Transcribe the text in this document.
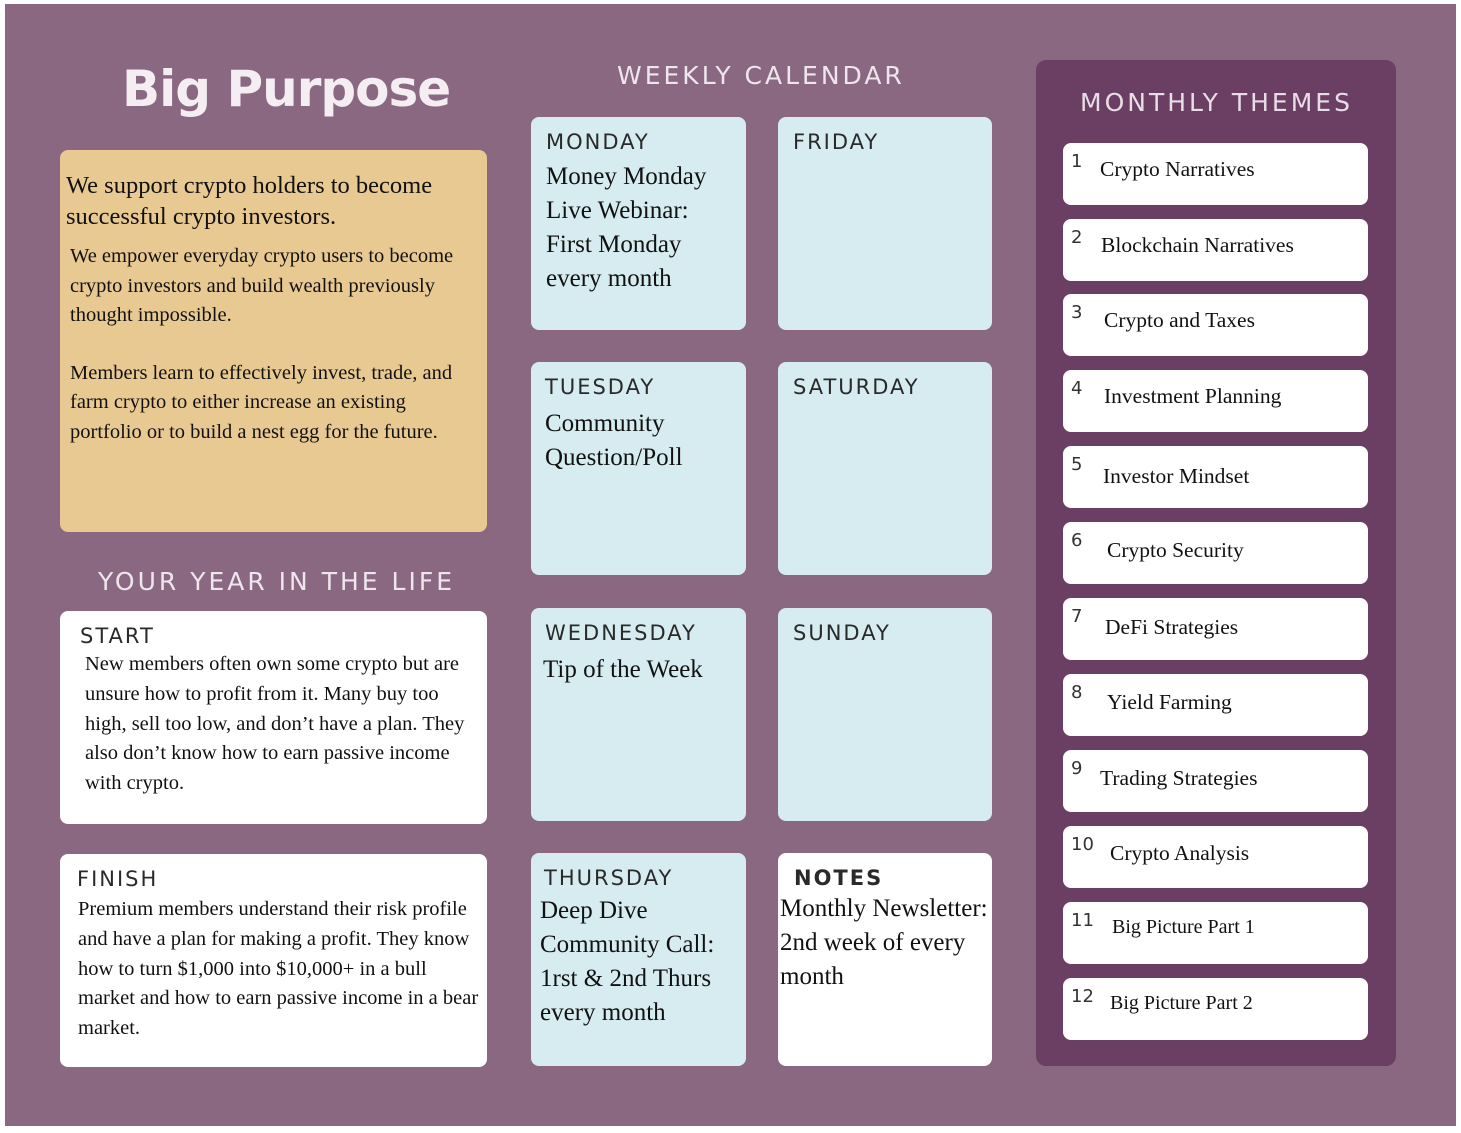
Big Purpose
We support crypto holders to become successful crypto investors.

We empower everyday crypto users to become crypto investors and build wealth previously thought impossible.

Members learn to effectively invest, trade, and farm crypto to either increase an existing portfolio or to build a nest egg for the future.

YOUR YEAR IN THE LIFE
START
New members often own some crypto but are unsure how to profit from it. Many buy too high, sell too low, and don’t have a plan. They also don’t know how to earn passive income with crypto.
FINISH
Premium members understand their risk profile and have a plan for making a profit. They know how to turn $1,000 into $10,000+ in a bull market and how to earn passive income in a bear market.
WEEKLY CALENDAR
MONDAY
Money Monday Live Webinar: First Monday every month
TUESDAY
Community Question/Poll
WEDNESDAY
Tip of the Week
THURSDAY
Deep Dive Community Call: 1rst & 2nd Thurs every month
FRIDAY
SATURDAY
SUNDAY
NOTES
Monthly Newsletter: 2nd week of every month
MONTHLY THEMES
1 Crypto Narratives
2 Blockchain Narratives
3 Crypto and Taxes
4 Investment Planning
5 Investor Mindset
6 Crypto Security
7 DeFi Strategies
8 Yield Farming
9 Trading Strategies
10 Crypto Analysis
11 Big Picture Part 1
12 Big Picture Part 2
